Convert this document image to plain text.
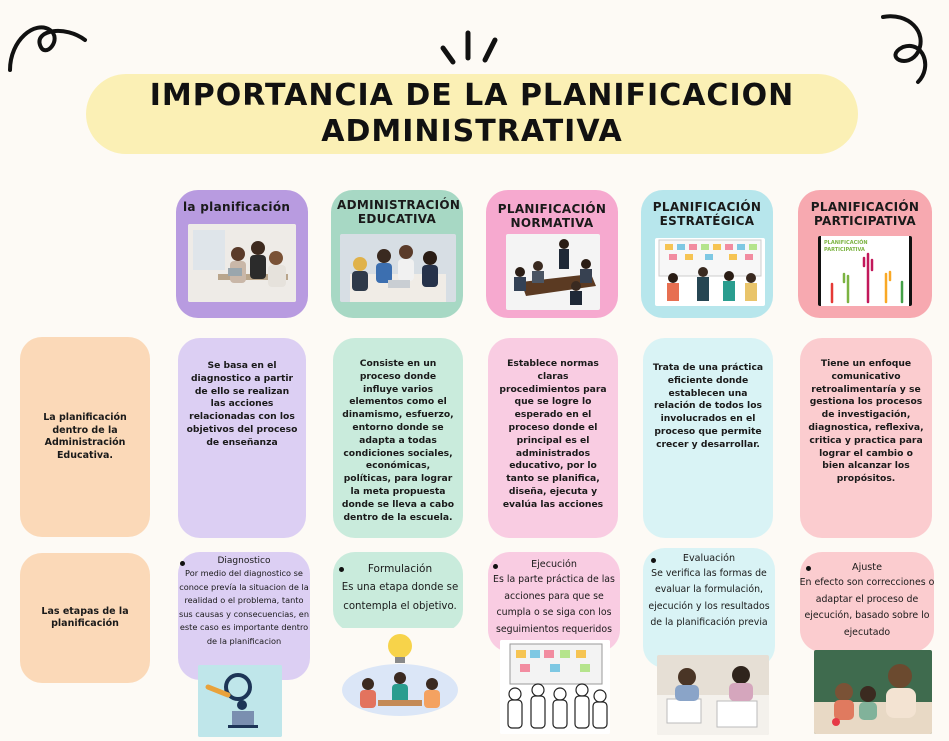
IMPORTANCIA DE LA PLANIFICACION
ADMINISTRATIVA
La planificación dentro de la Administración Educativa.
Las etapas de la planificación
la planificación
Se basa en el diagnostico a partir de ello se realizan las acciones relacionadas con los objetivos del proceso de enseñanza
Diagnostico
Por medio del diagnostico se conoce prevía la situacion de la realidad o el problema, tanto sus causas y consecuencias, en este caso es importante dentro de la planificacion
ADMINISTRACIÓN EDUCATIVA
Consiste en un proceso donde influye varios elementos como el dinamismo, esfuerzo, entorno donde se adapta a todas condiciones sociales, económicas, políticas, para lograr la meta propuesta donde se lleva a cabo dentro de la escuela.
Formulación
Es una etapa donde se contempla el objetivo.
PLANIFICACIÓN NORMATIVA
Establece normas claras procedimientos para que se logre lo esperado en el proceso donde el principal es el administrados educativo, por lo tanto se planifica, diseña, ejecuta y evalúa las acciones
Ejecución
Es la parte práctica de las acciones para que se cumpla o se siga con los seguimientos requeridos
PLANIFICACIÓN ESTRATÉGICA
Trata de una práctica eficiente donde establecen una relación de todos los involucrados en el proceso que permite crecer y desarrollar.
Evaluación
Se verifica las formas de evaluar la formulación, ejecución y los resultados de la planificación previa
PLANIFICACIÓN PARTICIPATIVA
PLANIFICACIÓN PARTICIPATIVA
Tiene un enfoque comunicativo retroalimentaría y se gestiona los procesos de investigación, diagnostica, reflexiva, critica y practica para lograr el cambio o bien alcanzar los propósitos.
Ajuste
En efecto son correcciones o adaptar el proceso de ejecución, basado sobre lo ejecutado
